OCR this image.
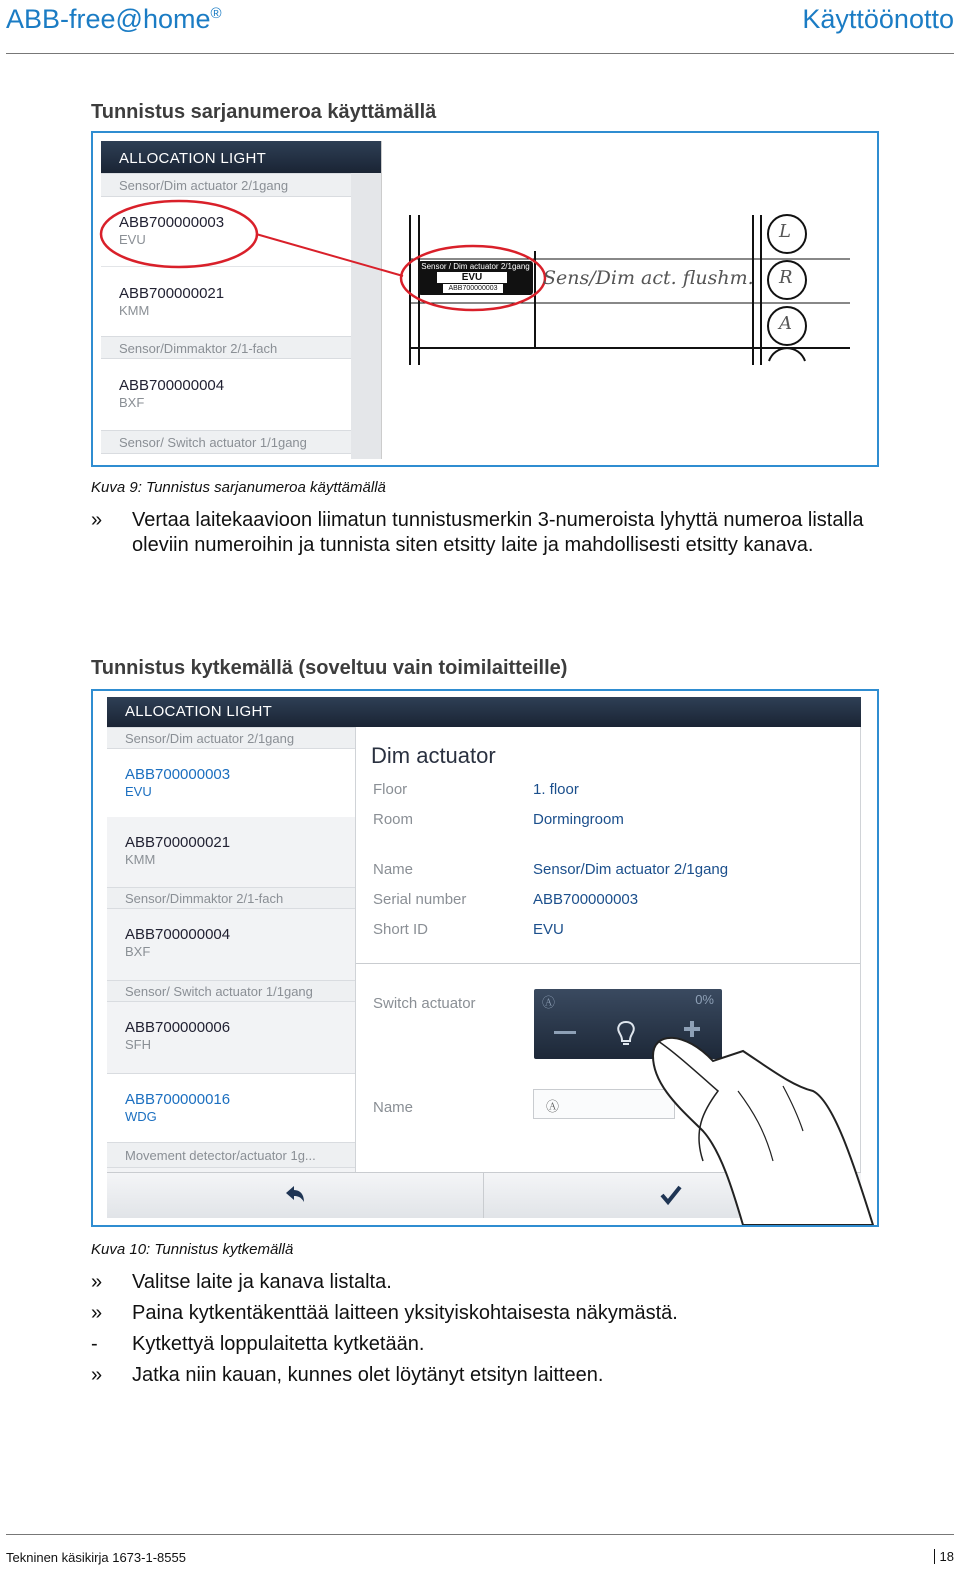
ABB-free@home®	Käyttöönotto
Tunnistus sarjanumeroa käyttämällä
ALLOCATION LIGHT
Sensor/Dim actuator 2/1gang
ABB700000003
EVU
ABB700000021
KMM
Sensor/Dimmaktor 2/1-fach
ABB700000004
BXF
Sensor/ Switch actuator 1/1gang
Sensor / Dim actuator 2/1gang
EVU
ABB700000003 Sens/Dim act. flushm.
L
R
A
Kuva 9: Tunnistus sarjanumeroa käyttämällä
»	Vertaa laitekaavioon liimatun tunnistusmerkin 3-numeroista lyhyttä numeroa listalla oleviin numeroihin ja tunnista siten etsitty laite ja mahdollisesti etsitty kanava.
Tunnistus kytkemällä (soveltuu vain toimilaitteille)
ALLOCATION LIGHT
Sensor/Dim actuator 2/1gang
ABB700000003
EVU
ABB700000021
KMM
Sensor/Dimmaktor 2/1-fach
ABB700000004
BXF
Sensor/ Switch actuator 1/1gang
ABB700000006
SFH
ABB700000016
WDG
Movement detector/actuator 1g...
Dim actuator
Floor	1. floor
Room	Dormingroom
Name	Sensor/Dim actuator 2/1gang
Serial number	ABB700000003
Short ID	EVU
Switch actuator	Ⓐ	0%
Name	Ⓐ
Kuva 10: Tunnistus kytkemällä
»	Valitse laite ja kanava listalta.
»	Paina kytkentäkenttää laitteen yksityiskohtaisesta näkymästä.
-	Kytkettyä loppulaitetta kytketään.
»	Jatka niin kauan, kunnes olet löytänyt etsityn laitteen.
Tekninen käsikirja 1673-1-8555	18
